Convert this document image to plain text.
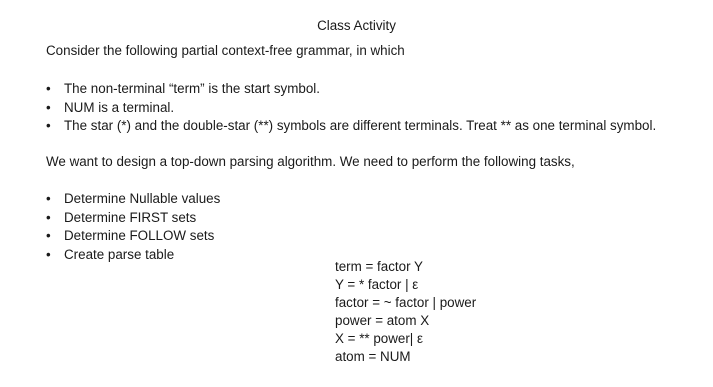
Class Activity
Consider the following partial context-free grammar, in which
• The non-terminal “term” is the start symbol.
• NUM is a terminal.
• The star (*) and the double-star (**) symbols are different terminals. Treat ** as one terminal symbol.
We want to design a top-down parsing algorithm. We need to perform the following tasks,
• Determine Nullable values
• Determine FIRST sets
• Determine FOLLOW sets
• Create parse table
term = factor Y
Y = * factor | ε
factor = ~ factor | power
power = atom X
X = ** power| ε
atom = NUM
